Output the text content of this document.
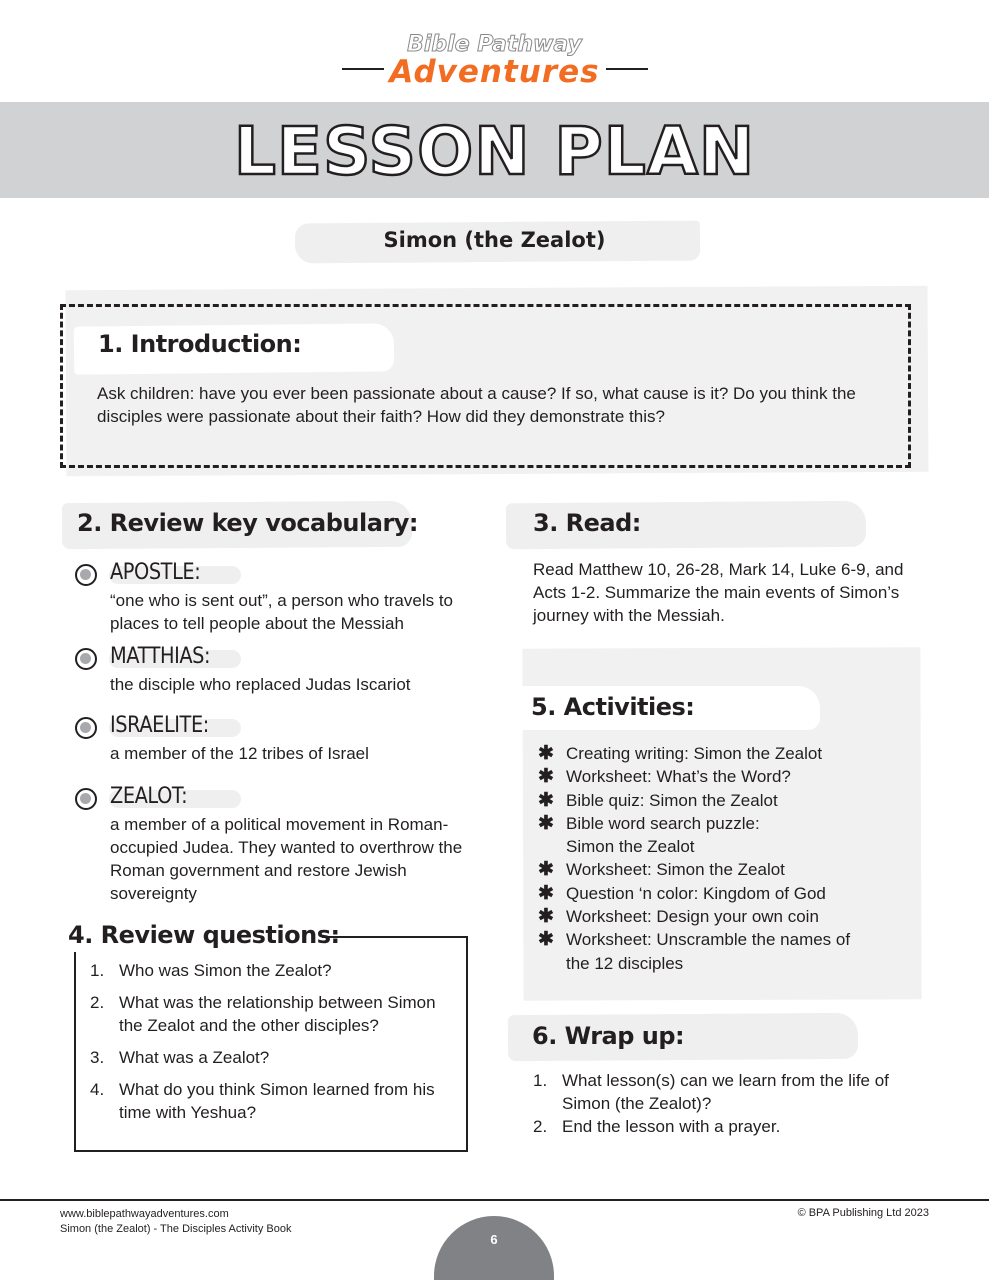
Bible Pathway
Adventures
LESSON PLAN
Simon (the Zealot)
1. Introduction:
Ask children: have you ever been passionate about a cause? If so, what cause is it? Do you think the disciples were passionate about their faith? How did they demonstrate this?
2. Review key vocabulary:
APOSTLE:
“one who is sent out”, a person who travels to places to tell people about the Messiah
MATTHIAS:
the disciple who replaced Judas Iscariot
ISRAELITE:
a member of the 12 tribes of Israel
ZEALOT:
a member of a political movement in Roman-occupied Judea. They wanted to overthrow the Roman government and restore Jewish sovereignty
4. Review questions:
1. Who was Simon the Zealot?
2. What was the relationship between Simon the Zealot and the other disciples?
3. What was a Zealot?
4. What do you think Simon learned from his time with Yeshua?
3. Read:
Read Matthew 10, 26-28, Mark 14, Luke 6-9, and Acts 1-2. Summarize the main events of Simon’s journey with the Messiah.
5. Activities:
✱ Creating writing: Simon the Zealot
✱ Worksheet: What’s the Word?
✱ Bible quiz: Simon the Zealot
✱ Bible word search puzzle: Simon the Zealot
✱ Worksheet: Simon the Zealot
✱ Question ‘n color: Kingdom of God
✱ Worksheet: Design your own coin
✱ Worksheet: Unscramble the names of the 12 disciples
6. Wrap up:
1. What lesson(s) can we learn from the life of Simon (the Zealot)?
2. End the lesson with a prayer.
www.biblepathwayadventures.com
Simon (the Zealot) - The Disciples Activity Book
© BPA Publishing Ltd 2023
6
